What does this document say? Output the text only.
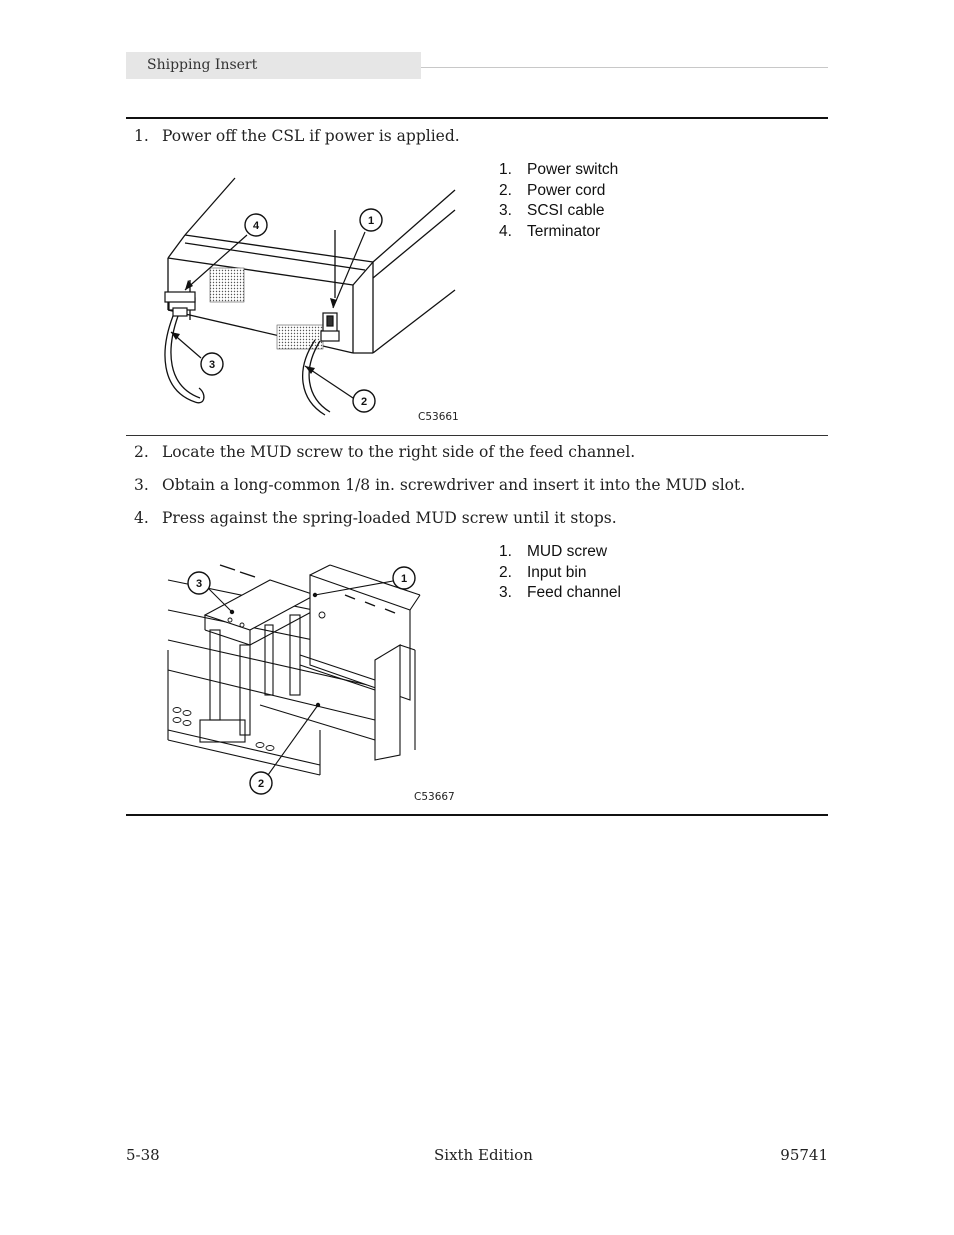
Shipping Insert
1. Power off the CSL if power is applied.
1
2
3
4
C53661
1. Power switch
2. Power cord
3. SCSI cable
4. Terminator
2. Locate the MUD screw to the right side of the feed channel.
3. Obtain a long-common 1/8 in. screwdriver and insert it into the MUD slot.
4. Press against the spring-loaded MUD screw until it stops.
1
2
3
C53667
1. MUD screw
2. Input bin
3. Feed channel
5-38	Sixth Edition	95741
